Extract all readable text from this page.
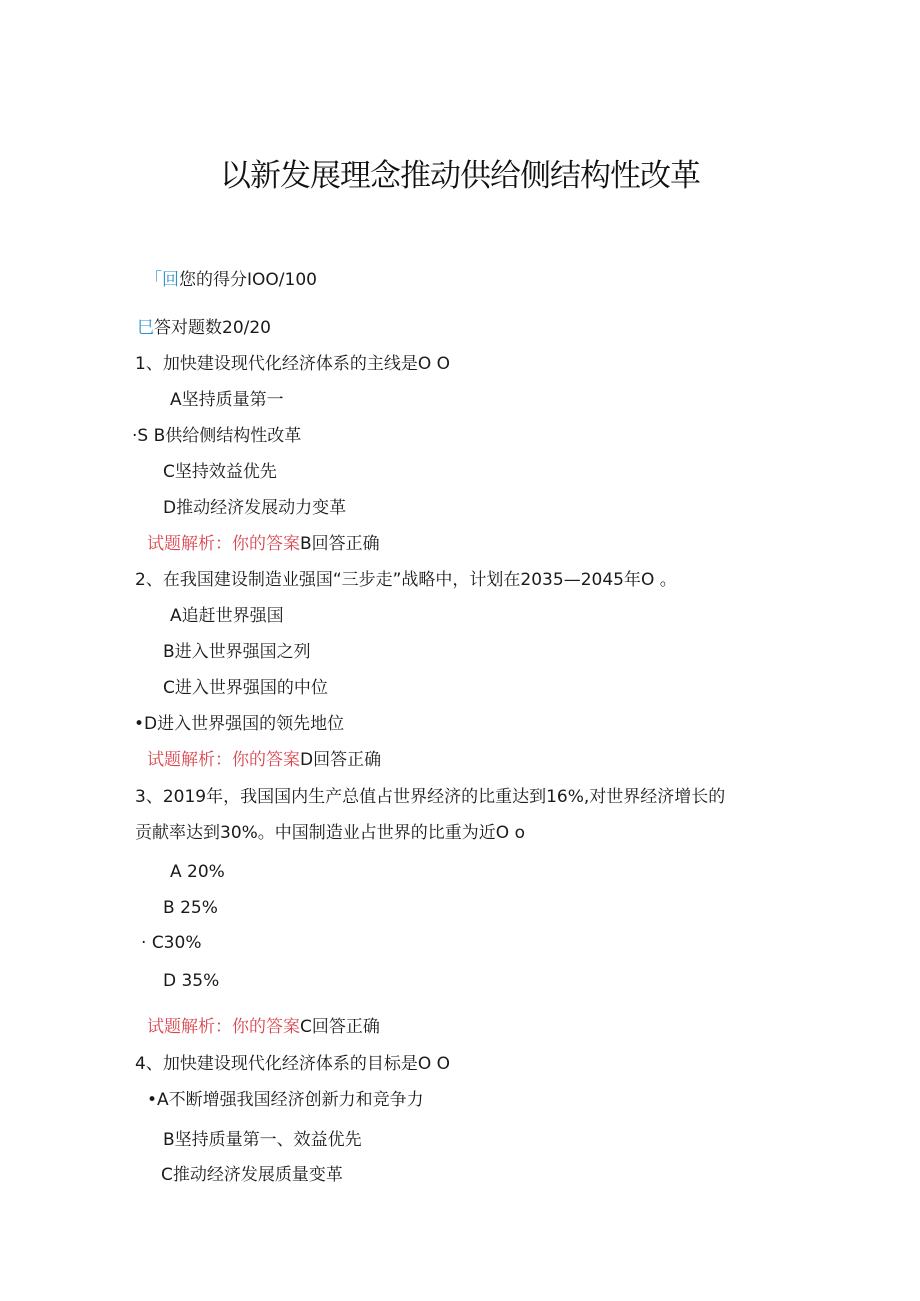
以新发展理念推动供给侧结构性改革
「回您的得分IOO/100
巳答对题数20/20
1、加快建设现代化经济体系的主线是O O
A坚持质量第一
·S B供给侧结构性改革
C坚持效益优先
D推动经济发展动力变革
试题解析：你的答案B回答正确
2、在我国建设制造业强国“三步走”战略中，计划在2035—2045年O 。
A追赶世界强国
B进入世界强国之列
C进入世界强国的中位
•D进入世界强国的领先地位
试题解析：你的答案D回答正确
3、2019年，我国国内生产总值占世界经济的比重达到16%,对世界经济增长的
贡献率达到30%。中国制造业占世界的比重为近O o
A 20%
B 25%
· C30%
D 35%
试题解析：你的答案C回答正确
4、加快建设现代化经济体系的目标是O O
•A不断增强我国经济创新力和竞争力
B坚持质量第一、效益优先
C推动经济发展质量变革
